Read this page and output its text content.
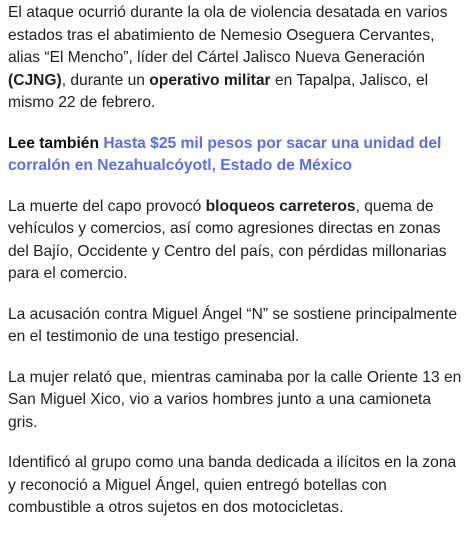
El ataque ocurrió durante la ola de violencia desatada en varios estados tras el abatimiento de Nemesio Oseguera Cervantes, alias “El Mencho”, líder del Cártel Jalisco Nueva Generación (CJNG), durante un operativo militar en Tapalpa, Jalisco, el mismo 22 de febrero.

Lee también Hasta $25 mil pesos por sacar una unidad del corralón en Nezahualcóyotl, Estado de México

La muerte del capo provocó bloqueos carreteros, quema de vehículos y comercios, así como agresiones directas en zonas del Bajío, Occidente y Centro del país, con pérdidas millonarias para el comercio.

La acusación contra Miguel Ángel “N” se sostiene principalmente en el testimonio de una testigo presencial.

La mujer relató que, mientras caminaba por la calle Oriente 13 en San Miguel Xico, vio a varios hombres junto a una camioneta gris.

Identificó al grupo como una banda dedicada a ilícitos en la zona y reconoció a Miguel Ángel, quien entregó botellas con combustible a otros sujetos en dos motocicletas.
